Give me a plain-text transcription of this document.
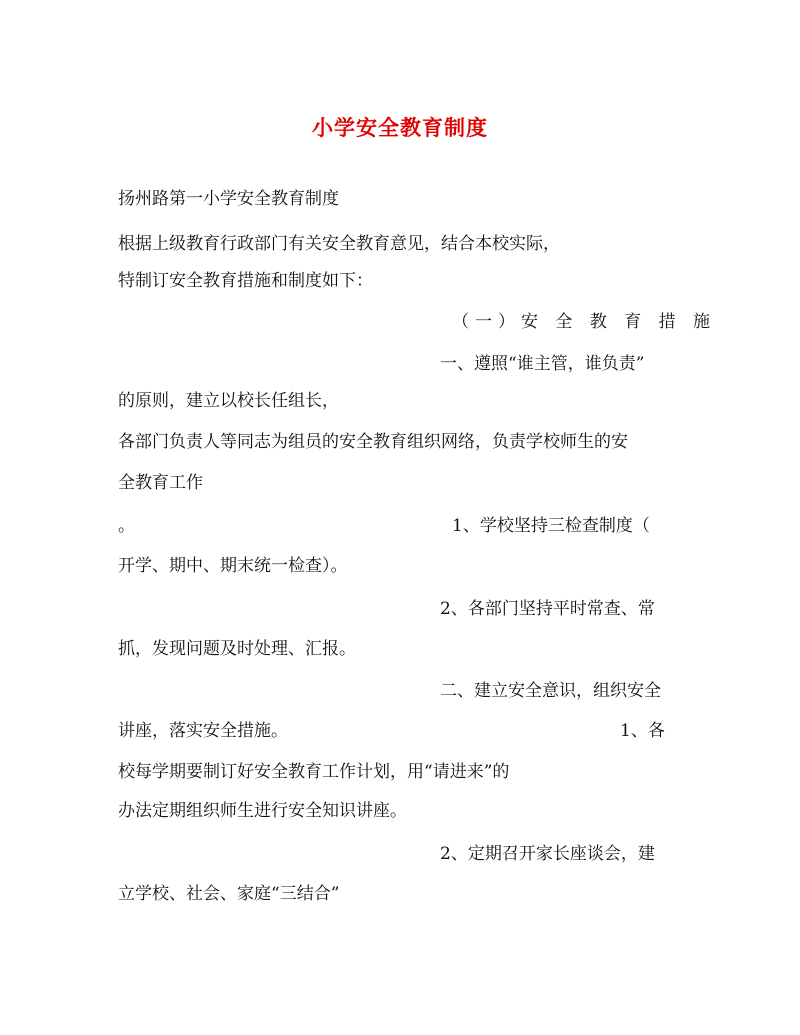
小学安全教育制度
扬州路第一小学安全教育制度
根据上级教育行政部门有关安全教育意见，结合本校实际，
特制订安全教育措施和制度如下：
（一）安 全 教 育 措 施
一、遵照“谁主管，谁负责”
的原则，建立以校长任组长，
各部门负责人等同志为组员的安全教育组织网络，负责学校师生的安
全教育工作
。	1、学校坚持三检查制度（
开学、期中、期末统一检查）。
2、各部门坚持平时常查、常
抓，发现问题及时处理、汇报。
二、建立安全意识，组织安全
讲座，落实安全措施。	1、各
校每学期要制订好安全教育工作计划，用“请进来”的
办法定期组织师生进行安全知识讲座。
2、定期召开家长座谈会，建
立学校、社会、家庭“三结合”
